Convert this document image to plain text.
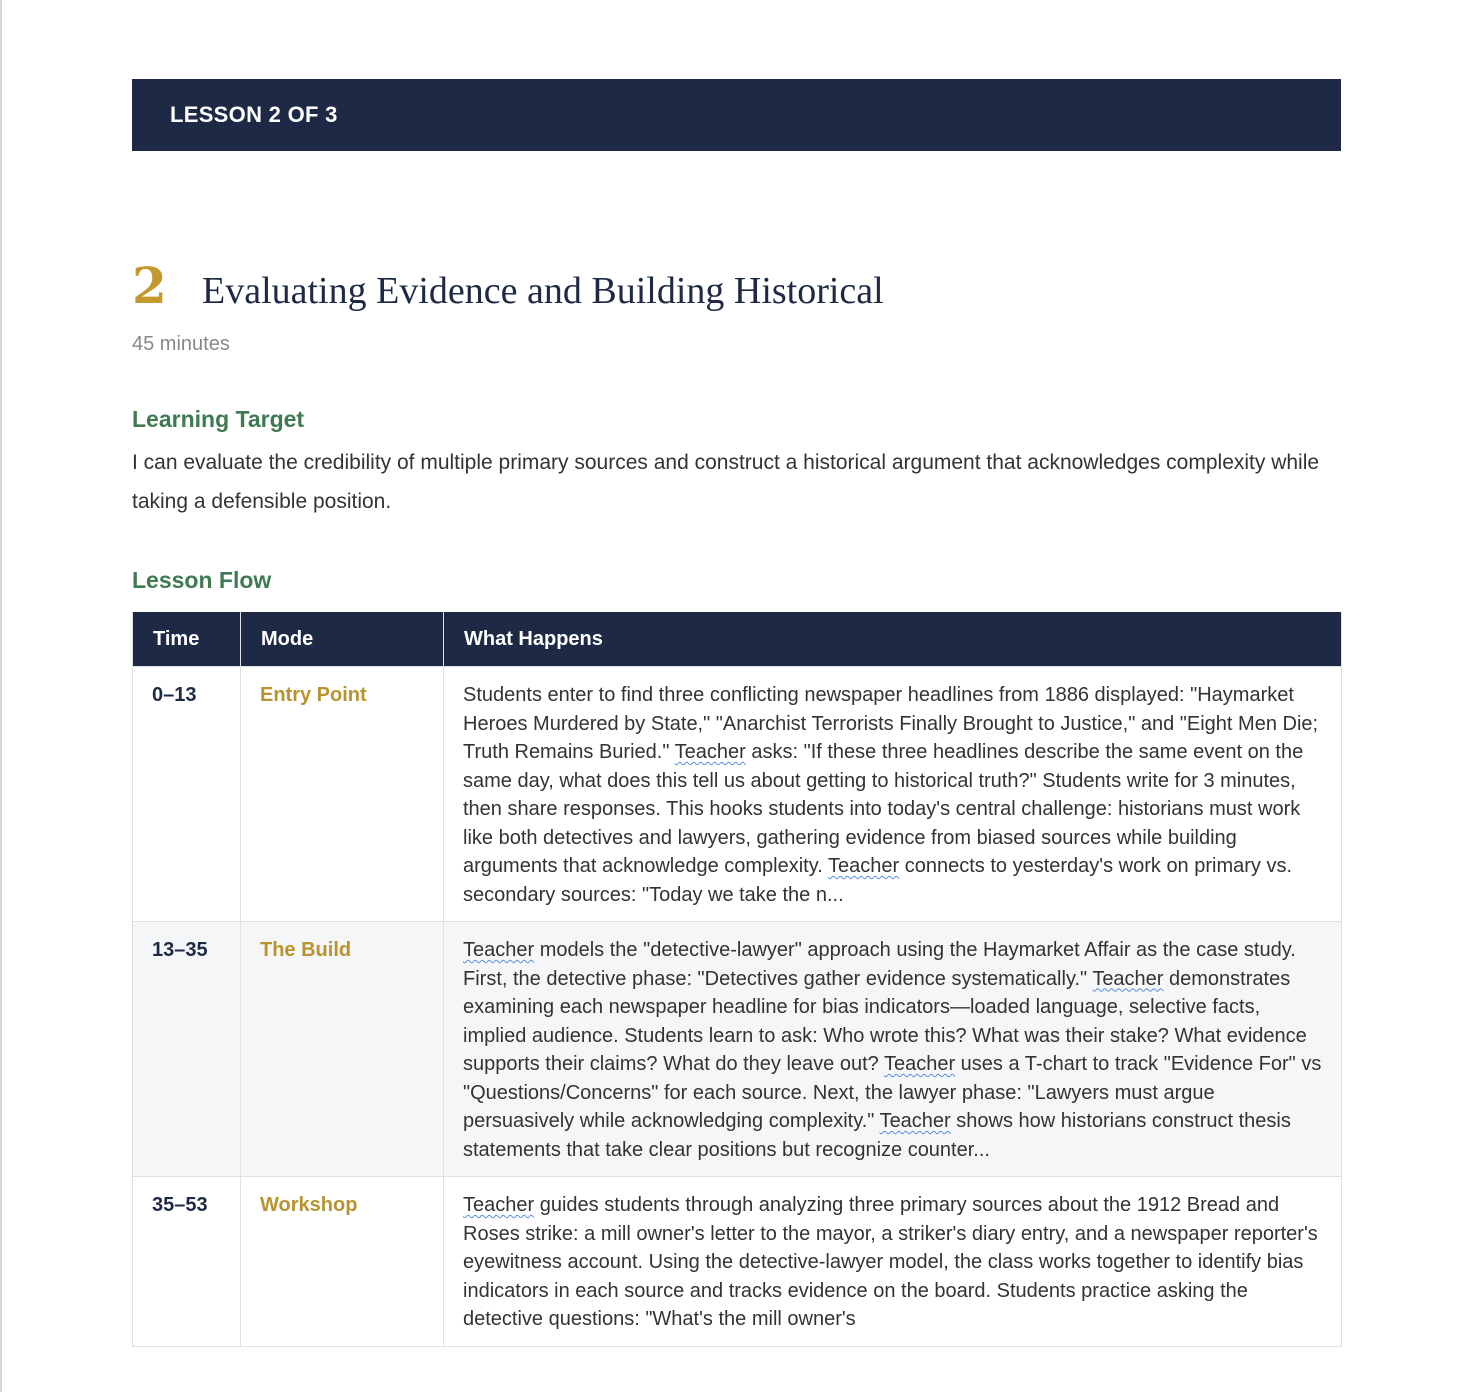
LESSON 2 OF 3
2 Evaluating Evidence and Building Historical
45 minutes
Learning Target
I can evaluate the credibility of multiple primary sources and construct a historical argument that acknowledges complexity while taking a defensible position.
Lesson Flow
Time	Mode	What Happens
0–13	Entry Point	Students enter to find three conflicting newspaper headlines from 1886 displayed: "Haymarket Heroes Murdered by State," "Anarchist Terrorists Finally Brought to Justice," and "Eight Men Die; Truth Remains Buried." Teacher asks: "If these three headlines describe the same event on the same day, what does this tell us about getting to historical truth?" Students write for 3 minutes, then share responses. This hooks students into today's central challenge: historians must work like both detectives and lawyers, gathering evidence from biased sources while building arguments that acknowledge complexity. Teacher connects to yesterday's work on primary vs. secondary sources: "Today we take the n...
13–35	The Build	Teacher models the "detective-lawyer" approach using the Haymarket Affair as the case study. First, the detective phase: "Detectives gather evidence systematically." Teacher demonstrates examining each newspaper headline for bias indicators—loaded language, selective facts, implied audience. Students learn to ask: Who wrote this? What was their stake? What evidence supports their claims? What do they leave out? Teacher uses a T-chart to track "Evidence For" vs "Questions/Concerns" for each source. Next, the lawyer phase: "Lawyers must argue persuasively while acknowledging complexity." Teacher shows how historians construct thesis statements that take clear positions but recognize counter...
35–53	Workshop	Teacher guides students through analyzing three primary sources about the 1912 Bread and Roses strike: a mill owner's letter to the mayor, a striker's diary entry, and a newspaper reporter's eyewitness account. Using the detective-lawyer model, the class works together to identify bias indicators in each source and tracks evidence on the board. Students practice asking the detective questions: "What's the mill owner's
